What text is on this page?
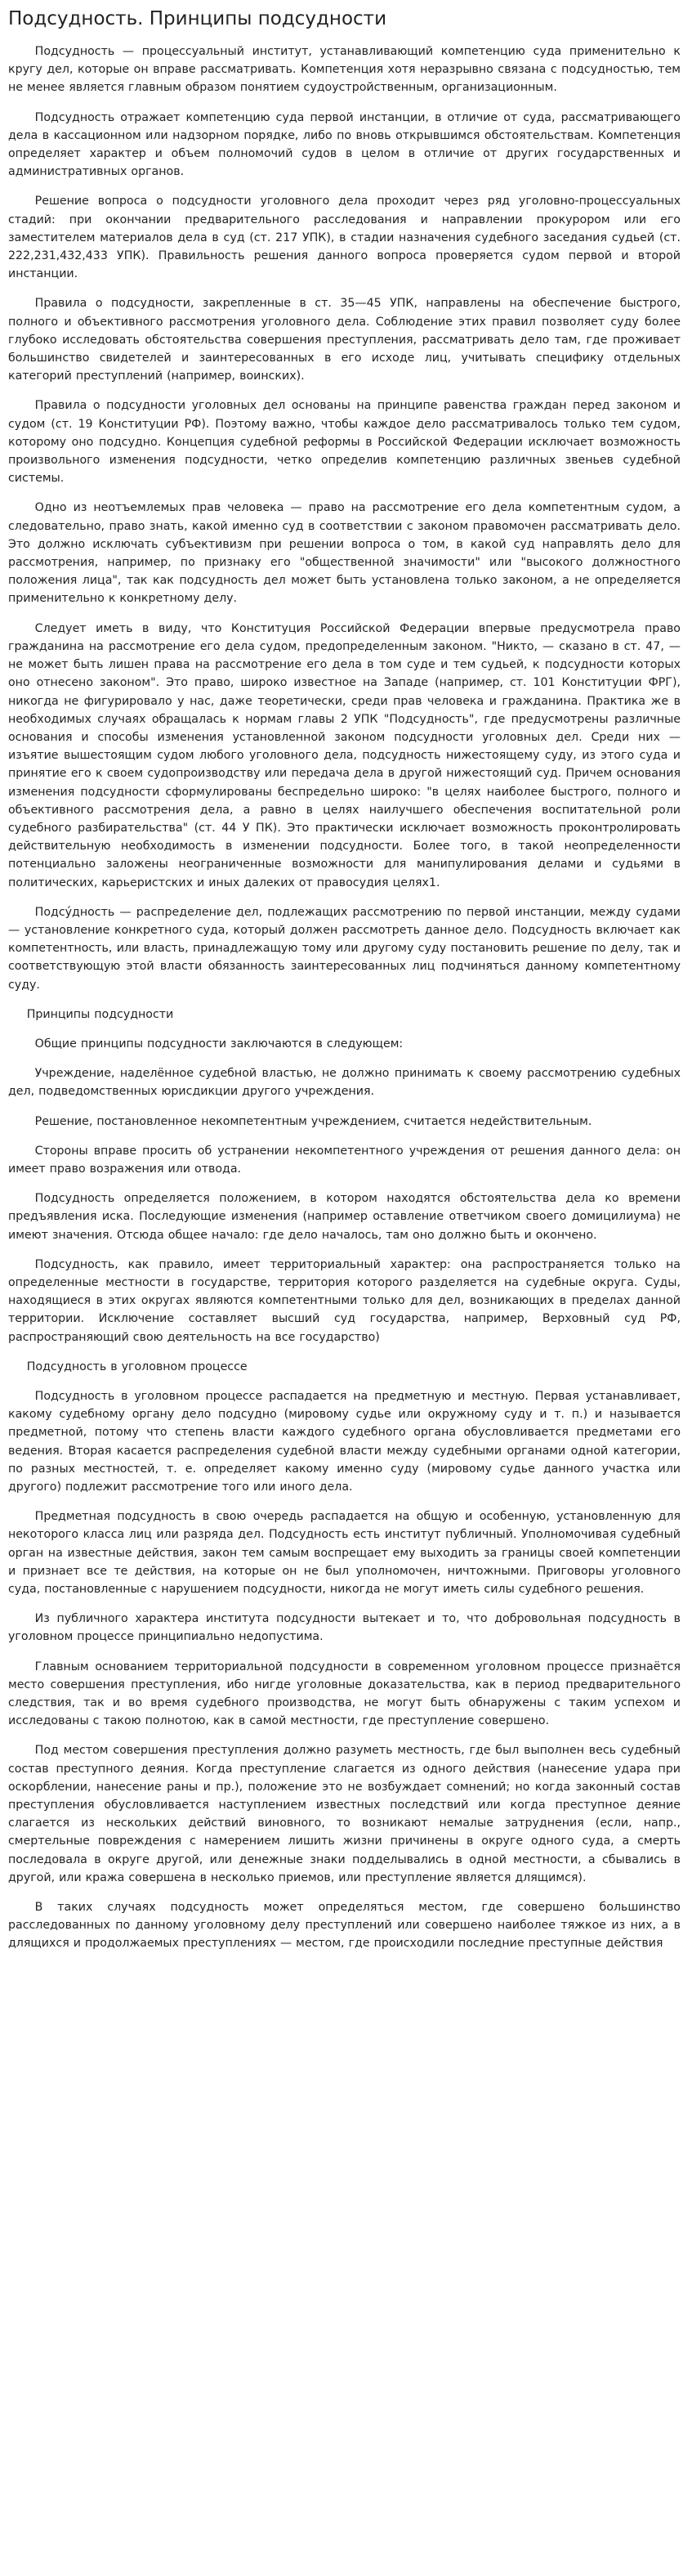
Подсудность. Принципы подсудности

Подсудность — процессуальный институт, устанавливающий компетенцию суда применительно к кругу дел, которые он вправе рассматривать. Компетенция хотя неразрывно связана с подсудностью, тем не менее является главным образом понятием судоустройственным, организационным.

Подсудность отражает компетенцию суда первой инстанции, в отличие от суда, рассматривающего дела в кассационном или надзорном порядке, либо по вновь открывшимся обстоятельствам. Компетенция определяет характер и объем полномочий судов в целом в отличие от других государственных и административных органов.

Решение вопроса о подсудности уголовного дела проходит через ряд уголовно-процессуальных стадий: при окончании предварительного расследования и направлении прокурором или его заместителем материалов дела в суд (ст. 217 УПК), в стадии назначения судебного заседания судьей (ст. 222,231,432,433 УПК). Правильность решения данного вопроса проверяется судом первой и второй инстанции.

Правила о подсудности, закрепленные в ст. 35—45 УПК, направлены на обеспечение быстрого, полного и объективного рассмотрения уголовного дела. Соблюдение этих правил позволяет суду более глубоко исследовать обстоятельства совершения преступления, рассматривать дело там, где проживает большинство свидетелей и заинтересованных в его исходе лиц, учитывать специфику отдельных категорий преступлений (например, воинских).

Правила о подсудности уголовных дел основаны на принципе равенства граждан перед законом и судом (ст. 19 Конституции РФ). Поэтому важно, чтобы каждое дело рассматривалось только тем судом, которому оно подсудно. Концепция судебной реформы в Российской Федерации исключает возможность произвольного изменения подсудности, четко определив компетенцию различных звеньев судебной системы.

Одно из неотъемлемых прав человека — право на рассмотрение его дела компетентным судом, а следовательно, право знать, какой именно суд в соответствии с законом правомочен рассматривать дело. Это должно исключать субъективизм при решении вопроса о том, в какой суд направлять дело для рассмотрения, например, по признаку его "общественной значимости" или "высокого должностного положения лица", так как подсудность дел может быть установлена только законом, а не определяется применительно к конкретному делу.

Следует иметь в виду, что Конституция Российской Федерации впервые предусмотрела право гражданина на рассмотрение его дела судом, предопределенным законом. "Никто, — сказано в ст. 47, — не может быть лишен права на рассмотрение его дела в том суде и тем судьей, к подсудности которых оно отнесено законом". Это право, широко известное на Западе (например, ст. 101 Конституции ФРГ), никогда не фигурировало у нас, даже теоретически, среди прав человека и гражданина. Практика же в необходимых случаях обращалась к нормам главы 2 УПК "Подсудность", где предусмотрены различные основания и способы изменения установленной законом подсудности уголовных дел. Среди них — изъятие вышестоящим судом любого уголовного дела, подсудность нижестоящему суду, из этого суда и принятие его к своем судопроизводству или передача дела в другой нижестоящий суд. Причем основания изменения подсудности сформулированы беспредельно широко: "в целях наиболее быстрого, полного и объективного рассмотрения дела, а равно в целях наилучшего обеспечения воспитательной роли судебного разбирательства" (ст. 44 У ПК). Это практически исключает возможность проконтролировать действительную необходимость в изменении подсудности. Более того, в такой неопределенности потенциально заложены неограниченные возможности для манипулирования делами и судьями в политических, карьеристских и иных далеких от правосудия целях1.

Подсу́дность — распределение дел, подлежащих рассмотрению по первой инстанции, между судами — установление конкретного суда, который должен рассмотреть данное дело. Подсудность включает как компетентность, или власть, принадлежащую тому или другому суду постановить решение по делу, так и соответствующую этой власти обязанность заинтересованных лиц подчиняться данному компетентному суду.

Принципы подсудности

Общие принципы подсудности заключаются в следующем:

Учреждение, наделённое судебной властью, не должно принимать к своему рассмотрению судебных дел, подведомственных юрисдикции другого учреждения.

Решение, постановленное некомпетентным учреждением, считается недействительным.

Стороны вправе просить об устранении некомпетентного учреждения от решения данного дела: он имеет право возражения или отвода.

Подсудность определяется положением, в котором находятся обстоятельства дела ко времени предъявления иска. Последующие изменения (например оставление ответчиком своего домицилиума) не имеют значения. Отсюда общее начало: где дело началось, там оно должно быть и окончено.

Подсудность, как правило, имеет территориальный характер: она распространяется только на определенные местности в государстве, территория которого разделяется на судебные округа. Суды, находящиеся в этих округах являются компетентными только для дел, возникающих в пределах данной территории. Исключение составляет высший суд государства, например, Верховный суд РФ, распространяющий свою деятельность на все государство)

Подсудность в уголовном процессе

Подсудность в уголовном процессе распадается на предметную и местную. Первая устанавливает, какому судебному органу дело подсудно (мировому судье или окружному суду и т. п.) и называется предметной, потому что степень власти каждого судебного органа обусловливается предметами его ведения. Вторая касается распределения судебной власти между судебными органами одной категории, по разных местностей, т. е. определяет какому именно суду (мировому судье данного участка или другого) подлежит рассмотрение того или иного дела.

Предметная подсудность в свою очередь распадается на общую и особенную, установленную для некоторого класса лиц или разряда дел. Подсудность есть институт публичный. Уполномочивая судебный орган на известные действия, закон тем самым воспрещает ему выходить за границы своей компетенции и признает все те действия, на которые он не был уполномочен, ничтожными. Приговоры уголовного суда, постановленные с нарушением подсудности, никогда не могут иметь силы судебного решения.

Из публичного характера института подсудности вытекает и то, что добровольная подсудность в уголовном процессе принципиально недопустима.

Главным основанием территориальной подсудности в современном уголовном процессе признаётся место совершения преступления, ибо нигде уголовные доказательства, как в период предварительного следствия, так и во время судебного производства, не могут быть обнаружены с таким успехом и исследованы с такою полнотою, как в самой местности, где преступление совершено.

Под местом совершения преступления должно разуметь местность, где был выполнен весь судебный состав преступного деяния. Когда преступление слагается из одного действия (нанесение удара при оскорблении, нанесение раны и пр.), положение это не возбуждает сомнений; но когда законный состав преступления обусловливается наступлением известных последствий или когда преступное деяние слагается из нескольких действий виновного, то возникают немалые затруднения (если, напр., смертельные повреждения с намерением лишить жизни причинены в округе одного суда, а смерть последовала в округе другой, или денежные знаки подделывались в одной местности, а сбывались в другой, или кража совершена в несколько приемов, или преступление является длящимся).

В таких случаях подсудность может определяться местом, где совершено большинство расследованных по данному уголовному делу преступлений или совершено наиболее тяжкое из них, а в длящихся и продолжаемых преступлениях — местом, где происходили последние преступные действия
